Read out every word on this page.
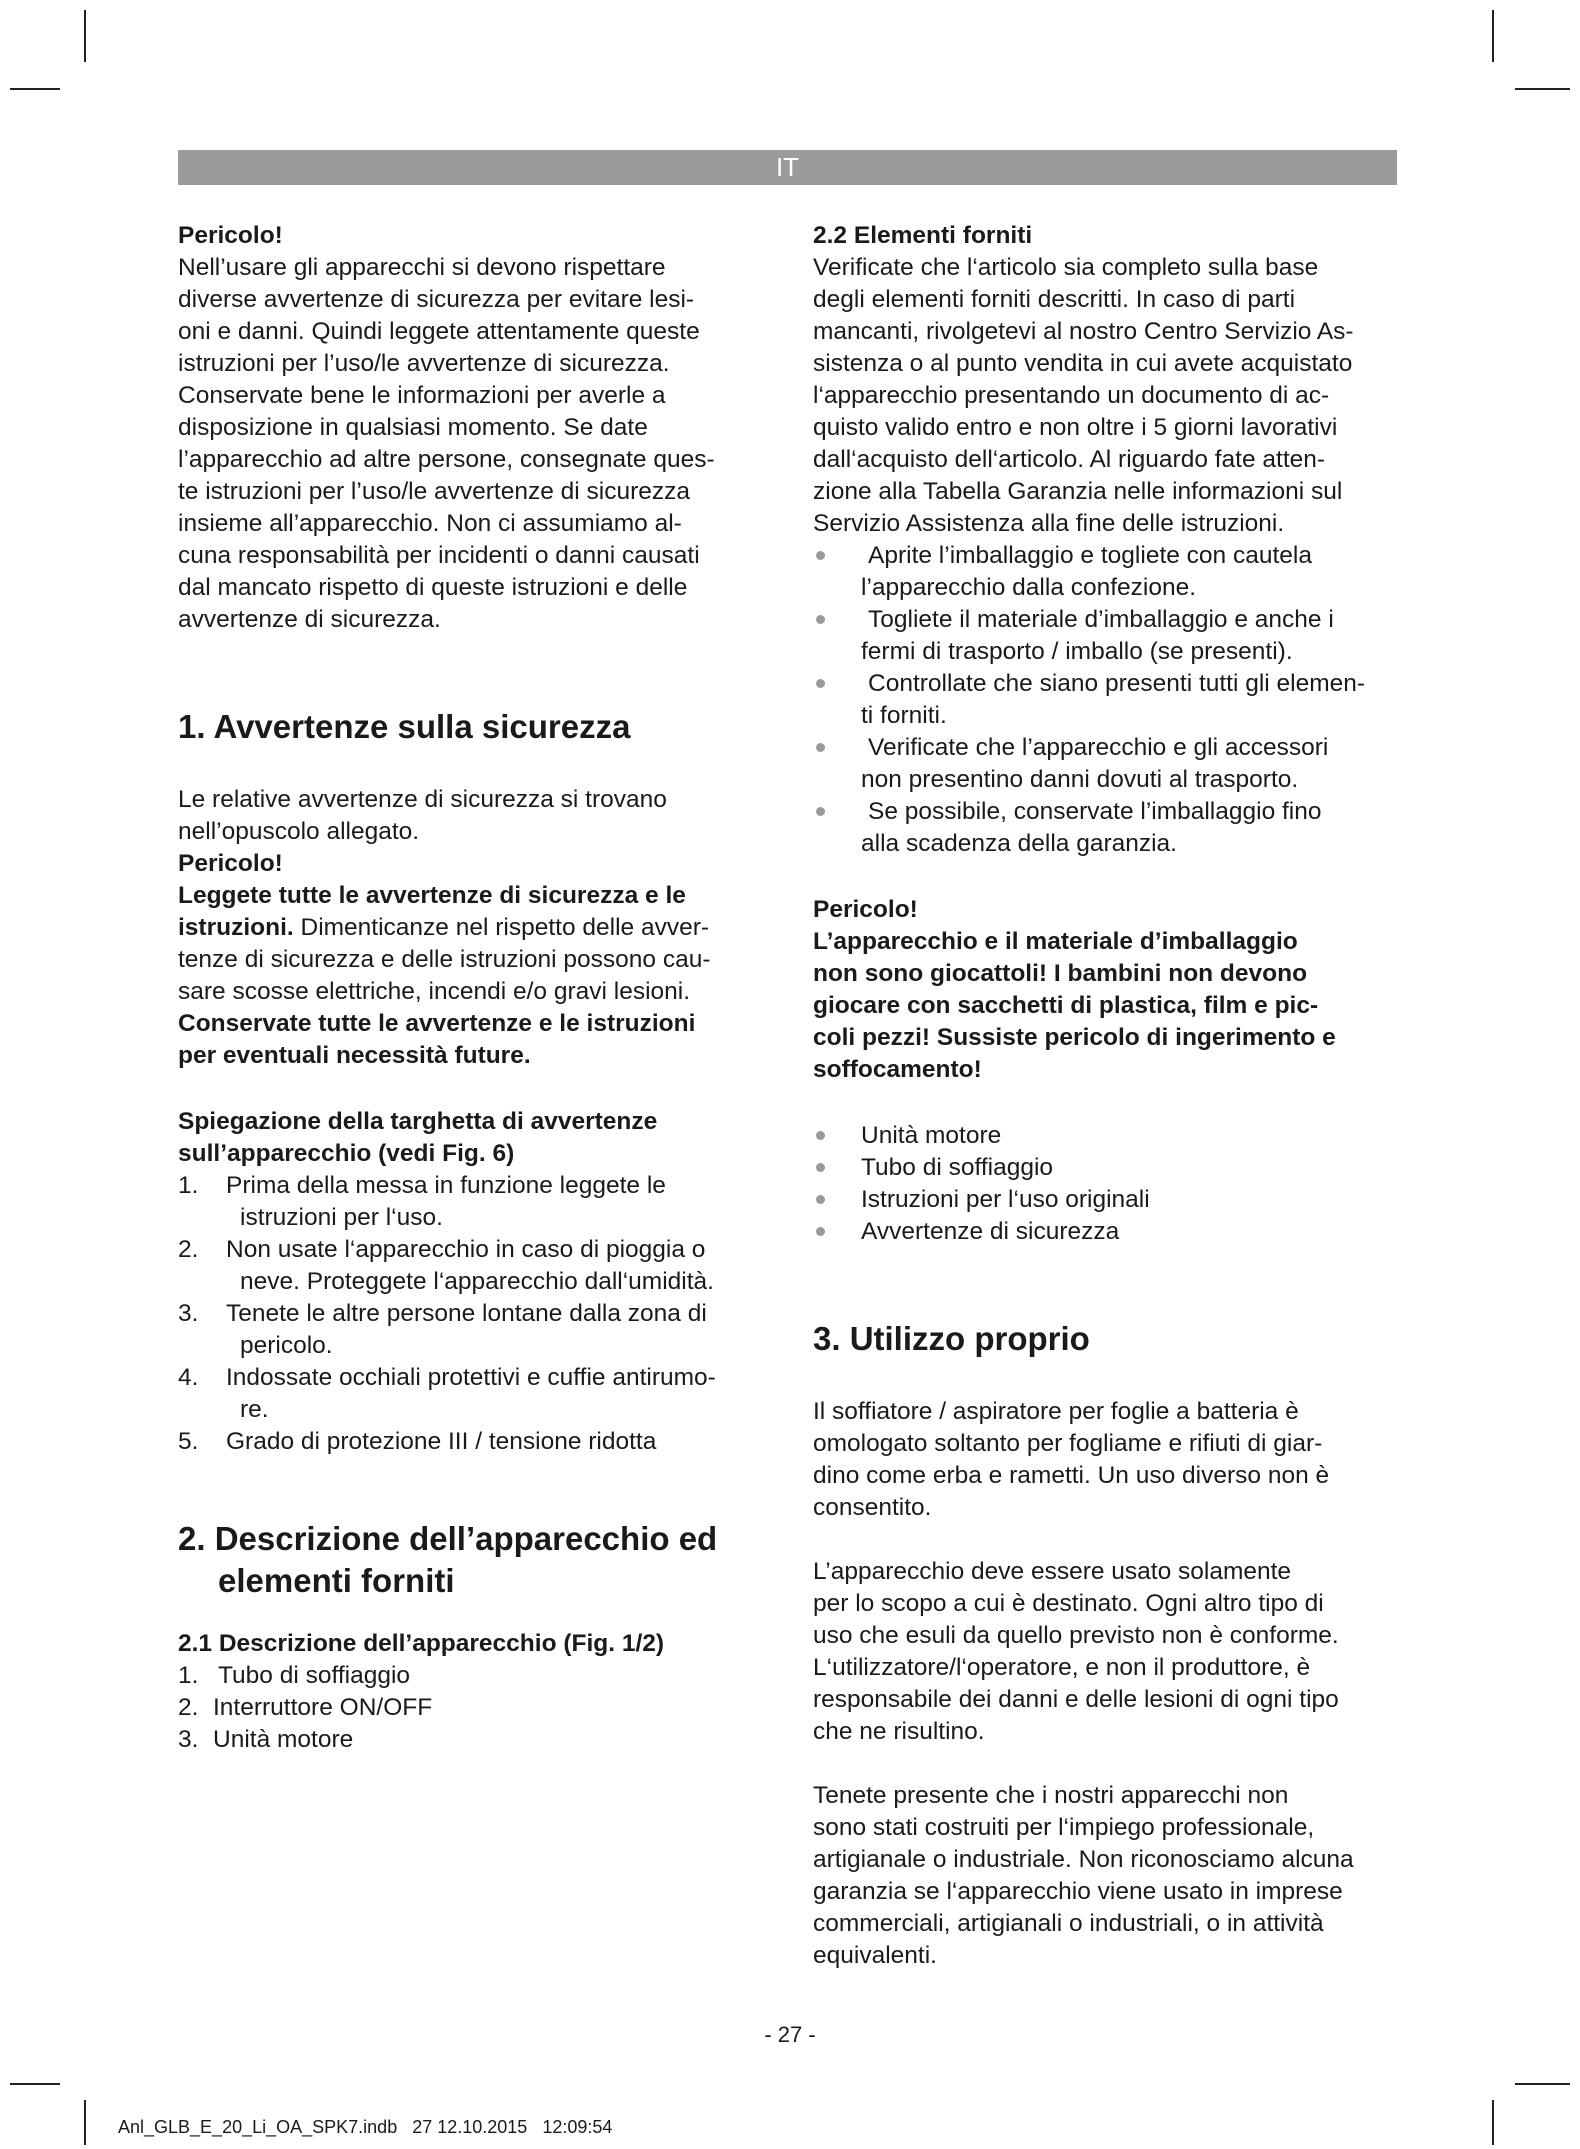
IT

Pericolo!

Nell’usare gli apparecchi si devono rispettare

diverse avvertenze di sicurezza per evitare lesi-

oni e danni. Quindi leggete attentamente queste

istruzioni per l’uso/le avvertenze di sicurezza.

Conservate bene le informazioni per averle a

disposizione in qualsiasi momento. Se date

l’apparecchio ad altre persone, consegnate ques-

te istruzioni per l’uso/le avvertenze di sicurezza

insieme all’apparecchio. Non ci assumiamo al-

cuna responsabilità per incidenti o danni causati

dal mancato rispetto di queste istruzioni e delle

avvertenze di sicurezza.

1. Avvertenze sulla sicurezza

Le relative avvertenze di sicurezza si trovano

nell’opuscolo allegato.

Pericolo!

Leggete tutte le avvertenze di sicurezza e le

istruzioni. Dimenticanze nel rispetto delle avver-

tenze di sicurezza e delle istruzioni possono cau-

sare scosse elettriche, incendi e/o gravi lesioni.

Conservate tutte le avvertenze e le istruzioni

per eventuali necessità future.

Spiegazione della targhetta di avvertenze

sull’apparecchio (vedi Fig. 6)

1. Prima della messa in funzione leggete le
istruzioni per l‘uso.
2. Non usate l‘apparecchio in caso di pioggia o
neve. Proteggete l‘apparecchio dall‘umidità.
3. Tenete le altre persone lontane dalla zona di
pericolo.
4. Indossate occhiali protettivi e cuffie antirumo-
re.
5. Grado di protezione III / tensione ridotta
2. Descrizione dell’apparecchio ed
elementi forniti

2.1 Descrizione dell’apparecchio (Fig. 1/2)

1. Tubo di soffiaggio
2. Interruttore ON/OFF
3. Unità motore

2.2 Elementi forniti

Verificate che l‘articolo sia completo sulla base

degli elementi forniti descritti. In caso di parti

mancanti, rivolgetevi al nostro Centro Servizio As-

sistenza o al punto vendita in cui avete acquistato

l‘apparecchio presentando un documento di ac-

quisto valido entro e non oltre i 5 giorni lavorativi

dall‘acquisto dell‘articolo. Al riguardo fate atten-

zione alla Tabella Garanzia nelle informazioni sul

Servizio Assistenza alla fine delle istruzioni.

Aprite l’imballaggio e togliete con cautela
l’apparecchio dalla confezione.
Togliete il materiale d’imballaggio e anche i
fermi di trasporto / imballo (se presenti).
Controllate che siano presenti tutti gli elemen-
ti forniti.
Verificate che l’apparecchio e gli accessori
non presentino danni dovuti al trasporto.
Se possibile, conservate l’imballaggio fino
alla scadenza della garanzia.

Pericolo!

L’apparecchio e il materiale d’imballaggio

non sono giocattoli! I bambini non devono

giocare con sacchetti di plastica, film e pic-

coli pezzi! Sussiste pericolo di ingerimento e

soffocamento!

Unità motore
Tubo di soffiaggio
Istruzioni per l‘uso originali
Avvertenze di sicurezza
3. Utilizzo proprio

Il soffiatore / aspiratore per foglie a batteria è

omologato soltanto per fogliame e rifiuti di giar-

dino come erba e rametti. Un uso diverso non è

consentito.

L’apparecchio deve essere usato solamente

per lo scopo a cui è destinato. Ogni altro tipo di

uso che esuli da quello previsto non è conforme.

L‘utilizzatore/l‘operatore, e non il produttore, è

responsabile dei danni e delle lesioni di ogni tipo

che ne risultino.

Tenete presente che i nostri apparecchi non

sono stati costruiti per l‘impiego professionale,

artigianale o industriale. Non riconosciamo alcuna

garanzia se l‘apparecchio viene usato in imprese

commerciali, artigianali o industriali, o in attività

equivalenti.

- 27 -
Anl_GLB_E_20_Li_OA_SPK7.indb   27 12.10.2015   12:09:54
